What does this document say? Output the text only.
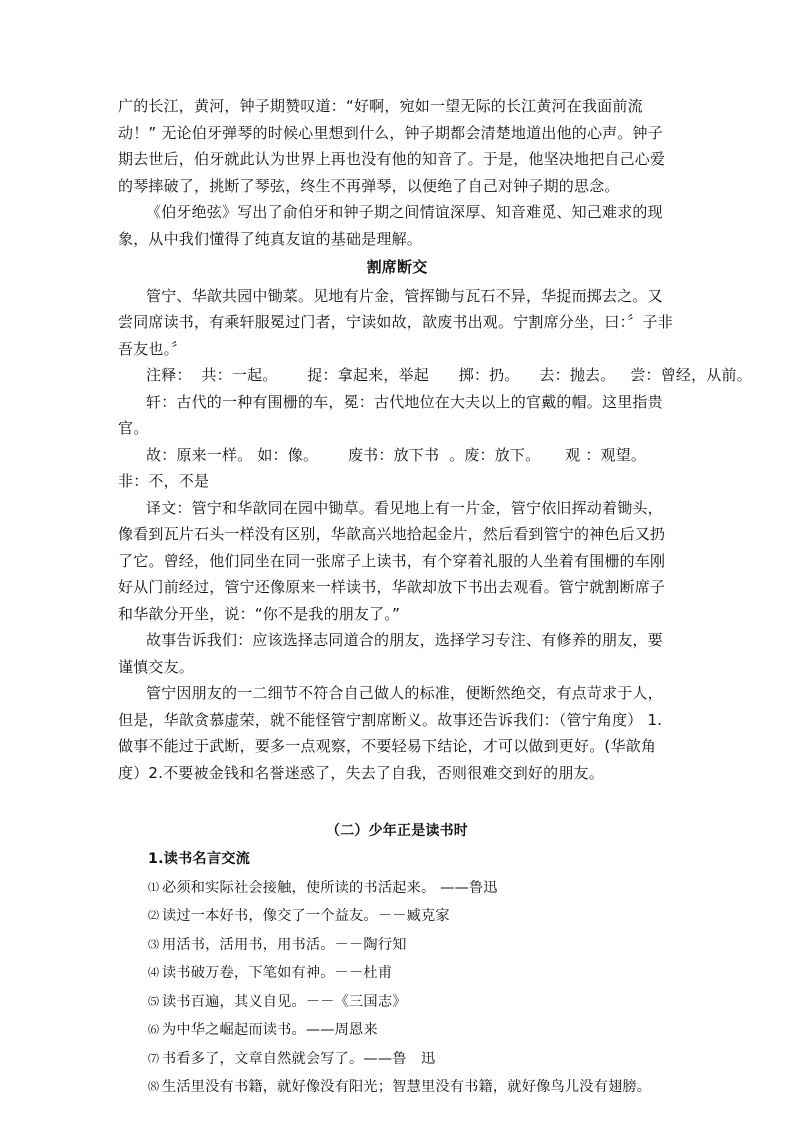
广的长江，黄河，钟子期赞叹道：“好啊，宛如一望无际的长江黄河在我面前流动！” 无论伯牙弹琴的时候心里想到什么，钟子期都会清楚地道出他的心声。钟子期去世后，伯牙就此认为世界上再也没有他的知音了。于是，他坚决地把自己心爱的琴摔破了，挑断了琴弦，终生不再弹琴，以便绝了自己对钟子期的思念。

《伯牙绝弦》写出了俞伯牙和钟子期之间情谊深厚、知音难觅、知己难求的现象，从中我们懂得了纯真友谊的基础是理解。

割席断交

管宁、华歆共园中锄菜。见地有片金，管挥锄与瓦石不异，华捉而掷去之。又尝同席读书，有乘轩服冕过门者，宁读如故，歆废书出观。宁割席分坐，曰：〞子非吾友也。〞

注释：  共：一起。      捉：拿起来，举起      掷：扔。    去：抛去。   尝：曾经，从前。

轩：古代的一种有围栅的车，冕：古代地位在大夫以上的官戴的帽。这里指贵官。

故：原来一样。 如：像。      废书：放下书  。废：放下。     观 ：观望。      非：不，不是

译文：管宁和华歆同在园中锄草。看见地上有一片金，管宁依旧挥动着锄头，像看到瓦片石头一样没有区别，华歆高兴地拾起金片，然后看到管宁的神色后又扔了它。曾经，他们同坐在同一张席子上读书，有个穿着礼服的人坐着有围栅的车刚好从门前经过，管宁还像原来一样读书，华歆却放下书出去观看。管宁就割断席子和华歆分开坐，说：“你不是我的朋友了。”

故事告诉我们：应该选择志同道合的朋友，选择学习专注、有修养的朋友，要谨慎交友。

管宁因朋友的一二细节不符合自己做人的标准，便断然绝交，有点苛求于人，但是，华歆贪慕虚荣，就不能怪管宁割席断义。故事还告诉我们：（管宁角度） 1.做事不能过于武断，要多一点观察，不要轻易下结论，才可以做到更好。(华歆角度）2.不要被金钱和名誉迷惑了，失去了自我，否则很难交到好的朋友。

（二）少年正是读书时

1.读书名言交流

⑴ 必须和实际社会接触，使所读的书活起来。 ——鲁迅

⑵ 读过一本好书，像交了一个益友。－－臧克家

⑶ 用活书，活用书，用书活。－－陶行知

⑷ 读书破万卷，下笔如有神。－－杜甫

⑸ 读书百遍，其义自见。－－《三国志》

⑹ 为中华之崛起而读书。——周恩来

⑺ 书看多了，文章自然就会写了。——鲁　迅

⑻ 生活里没有书籍，就好像没有阳光；智慧里没有书籍，就好像鸟儿没有翅膀。
